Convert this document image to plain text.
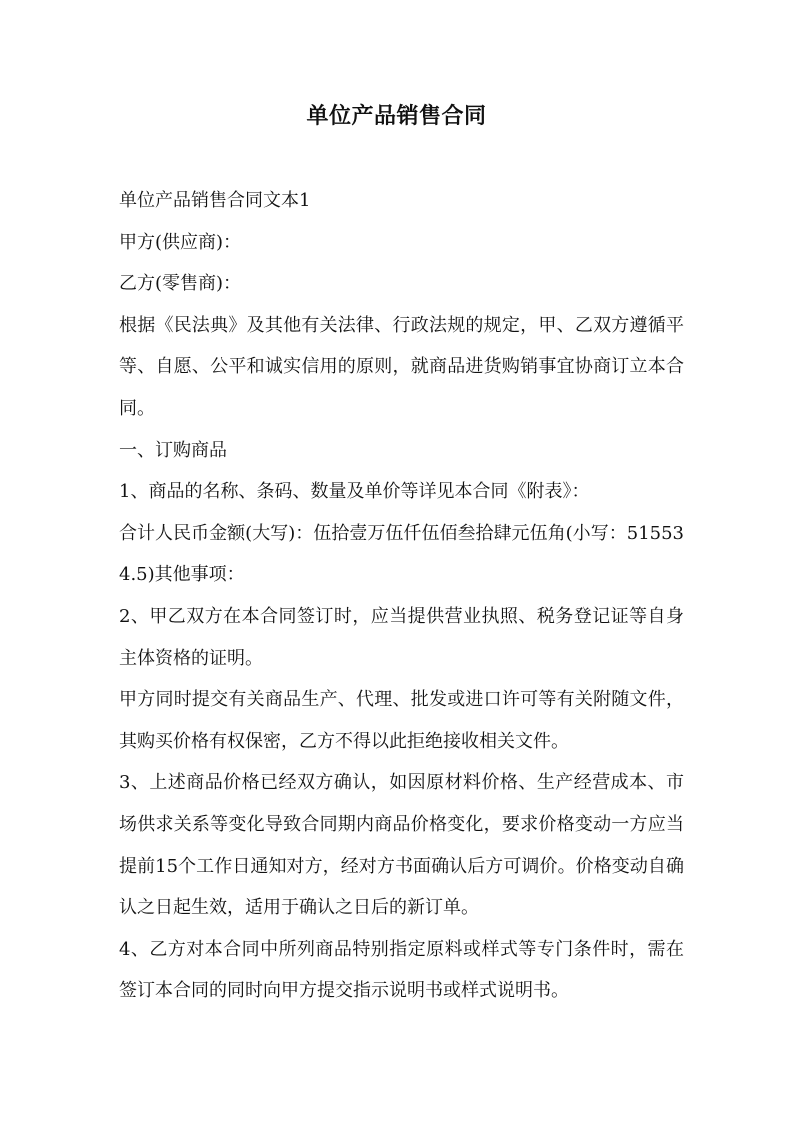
单位产品销售合同

单位产品销售合同文本1

甲方(供应商)：

乙方(零售商)：

根据《民法典》及其他有关法律、行政法规的规定，甲、乙双方遵循平等、自愿、公平和诚实信用的原则，就商品进货购销事宜协商订立本合同。

一、订购商品

1、商品的名称、条码、数量及单价等详见本合同《附表》：

合计人民币金额(大写)：伍拾壹万伍仟伍佰叁拾肆元伍角(小写：515534.5)其他事项：

2、甲乙双方在本合同签订时，应当提供营业执照、税务登记证等自身主体资格的证明。

甲方同时提交有关商品生产、代理、批发或进口许可等有关附随文件，其购买价格有权保密，乙方不得以此拒绝接收相关文件。

3、上述商品价格已经双方确认，如因原材料价格、生产经营成本、市场供求关系等变化导致合同期内商品价格变化，要求价格变动一方应当提前15个工作日通知对方，经对方书面确认后方可调价。价格变动自确认之日起生效，适用于确认之日后的新订单。

4、乙方对本合同中所列商品特别指定原料或样式等专门条件时，需在签订本合同的同时向甲方提交指示说明书或样式说明书。
